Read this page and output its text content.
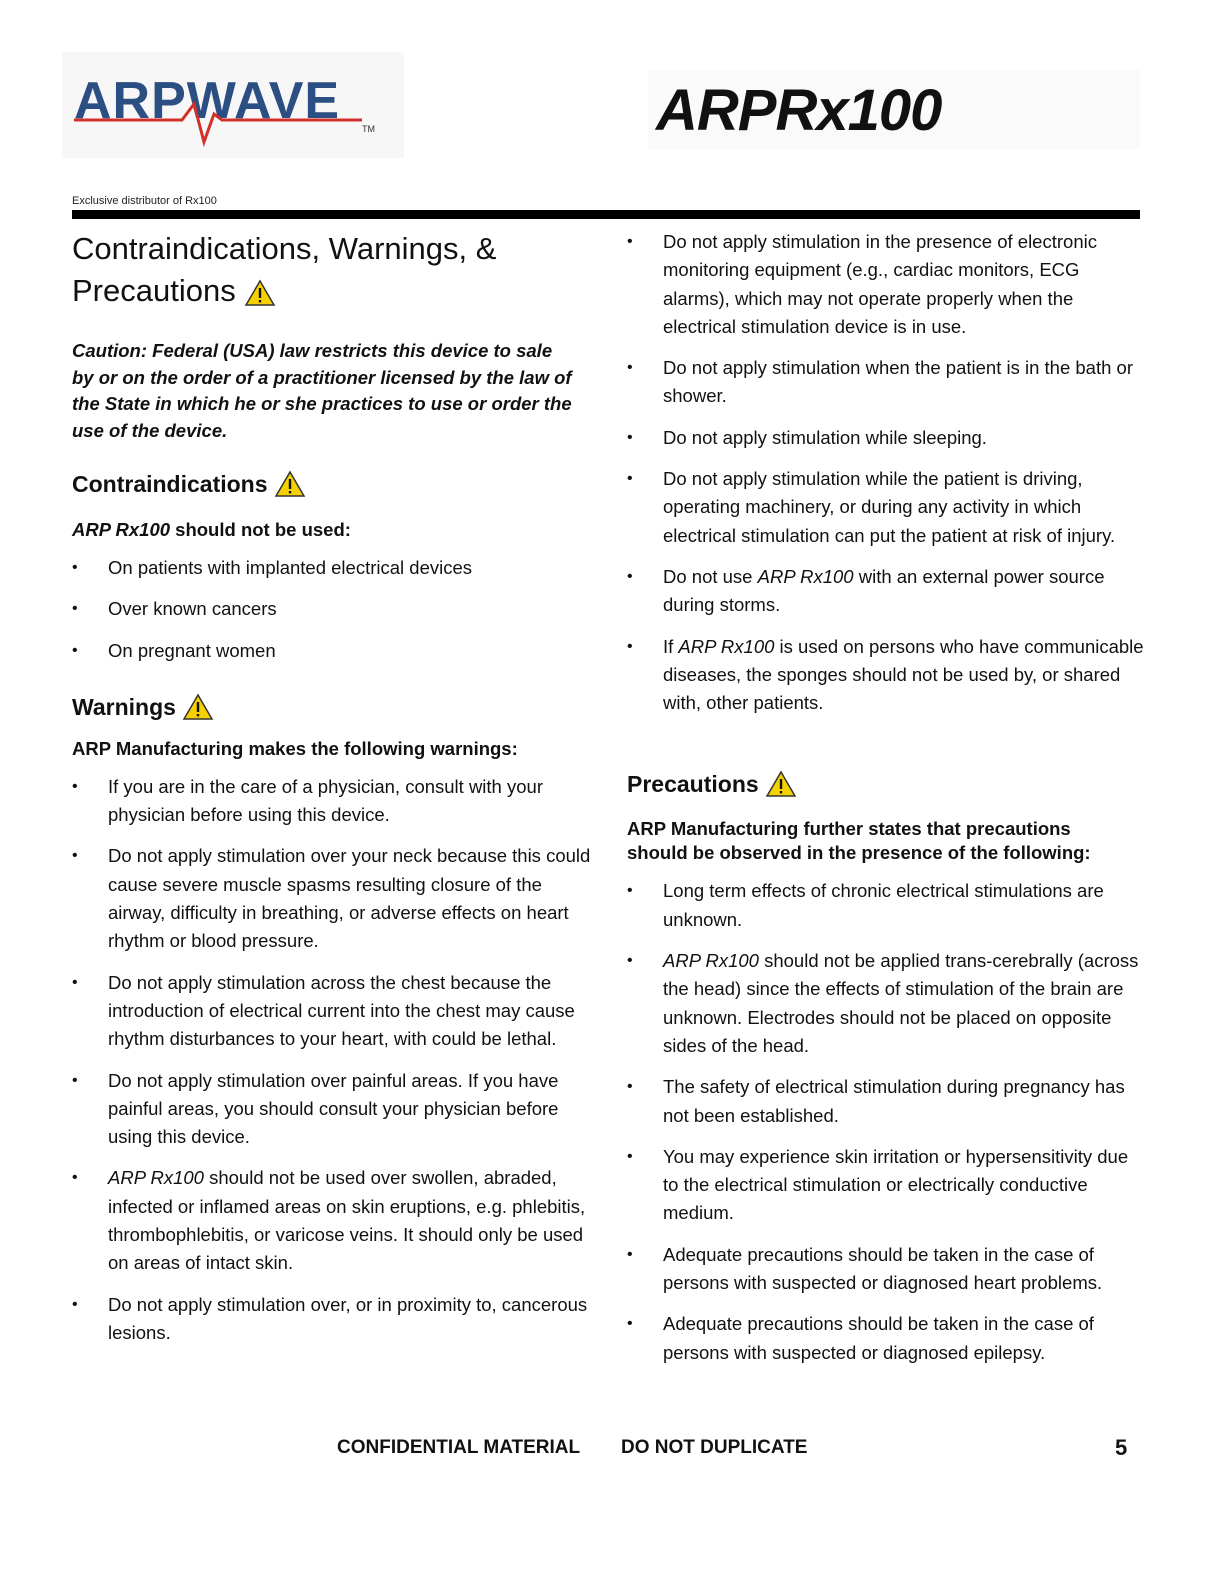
ARPWAVE TM	ARPRx100
Exclusive distributor of Rx100
Contraindications, Warnings, &
Precautions

Caution: Federal (USA) law restricts this device to sale by or on the order of a practitioner licensed by the law of the State in which he or she practices to use or order the use of the device.

Contraindications

ARP Rx100 should not be used:

• On patients with implanted electrical devices
• Over known cancers
• On pregnant women
Warnings

ARP Manufacturing makes the following warnings:

• If you are in the care of a physician, consult with your physician before using this device.
• Do not apply stimulation over your neck because this could cause severe muscle spasms resulting closure of the airway, difficulty in breathing, or adverse effects on heart rhythm or blood pressure.
• Do not apply stimulation across the chest because the introduction of electrical current into the chest may cause rhythm disturbances to your heart, with could be lethal.
• Do not apply stimulation over painful areas. If you have painful areas, you should consult your physician before using this device.
• ARP Rx100 should not be used over swollen, abraded, infected or inflamed areas on skin eruptions, e.g. phlebitis, thrombophlebitis, or varicose veins. It should only be used on areas of intact skin.
• Do not apply stimulation over, or in proximity to, cancerous lesions.
• Do not apply stimulation in the presence of electronic monitoring equipment (e.g., cardiac monitors, ECG alarms), which may not operate properly when the electrical stimulation device is in use.
• Do not apply stimulation when the patient is in the bath or shower.
• Do not apply stimulation while sleeping.
• Do not apply stimulation while the patient is driving, operating machinery, or during any activity in which electrical stimulation can put the patient at risk of injury.
• Do not use ARP Rx100 with an external power source during storms.
• If ARP Rx100 is used on persons who have communicable diseases, the sponges should not be used by, or shared with, other patients.
Precautions

ARP Manufacturing further states that precautions should be observed in the presence of the following:

• Long term effects of chronic electrical stimulations are unknown.
• ARP Rx100 should not be applied trans-cerebrally (across the head) since the effects of stimulation of the brain are unknown. Electrodes should not be placed on opposite sides of the head.
• The safety of electrical stimulation during pregnancy has not been established.
• You may experience skin irritation or hypersensitivity due to the electrical stimulation or electrically conductive medium.
• Adequate precautions should be taken in the case of persons with suspected or diagnosed heart problems.
• Adequate precautions should be taken in the case of persons with suspected or diagnosed epilepsy.
CONFIDENTIAL MATERIAL DO NOT DUPLICATE	5
